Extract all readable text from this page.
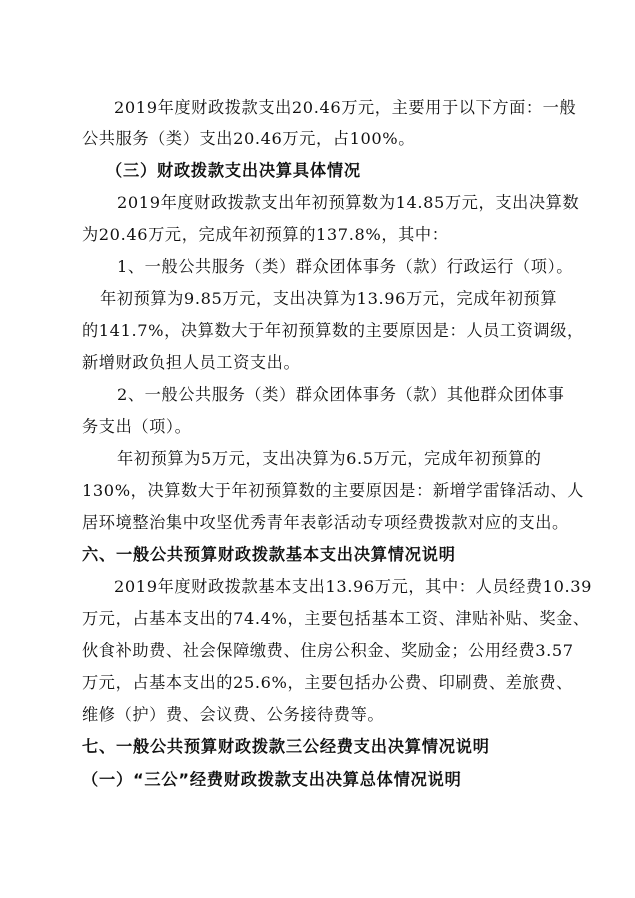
2019年度财政拨款支出20.46万元，主要用于以下方面：一般
公共服务（类）支出20.46万元，占100%。
（三）财政拨款支出决算具体情况
2019年度财政拨款支出年初预算数为14.85万元，支出决算数
为20.46万元，完成年初预算的137.8%，其中：
1、一般公共服务（类）群众团体事务（款）行政运行（项）。
年初预算为9.85万元，支出决算为13.96万元，完成年初预算
的141.7%，决算数大于年初预算数的主要原因是：人员工资调级，
新增财政负担人员工资支出。
2、一般公共服务（类）群众团体事务（款）其他群众团体事
务支出（项）。
年初预算为5万元，支出决算为6.5万元，完成年初预算的
130%，决算数大于年初预算数的主要原因是：新增学雷锋活动、人
居环境整治集中攻坚优秀青年表彰活动专项经费拨款对应的支出。
六、一般公共预算财政拨款基本支出决算情况说明
2019年度财政拨款基本支出13.96万元，其中：人员经费10.39
万元，占基本支出的74.4%，主要包括基本工资、津贴补贴、奖金、
伙食补助费、社会保障缴费、住房公积金、奖励金；公用经费3.57
万元，占基本支出的25.6%，主要包括办公费、印刷费、差旅费、
维修（护）费、会议费、公务接待费等。
七、一般公共预算财政拨款三公经费支出决算情况说明
（一）“三公”经费财政拨款支出决算总体情况说明
